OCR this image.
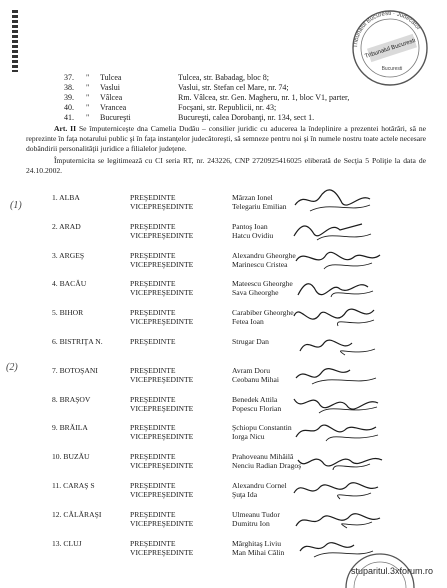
Tribunalul Bucuresti · Judecator
Tribunalul Bucuresti
Bucuresti
37. " Tulcea	Tulcea, str. Babadag, bloc 8;
38. " Vaslui	Vaslui, str. Stefan cel Mare, nr. 74;
39. " Vâlcea	Rm. Vâlcea, str. Gen. Magheru, nr. 1, bloc V1, parter,
40. " Vrancea	Focşani, str. Republicii, nr. 43;
41. " Bucureşti	Bucureşti, calea Dorobanţi, nr. 134, sect 1.
Art. II Se împuterniceşte dna Camelia Dudău – consilier juridic cu aducerea la îndeplinire a prezentei hotărâri, să ne reprezinte în faţa notarului public şi în faţa instanţelor judecătoreşti, să semneze pentru noi şi în numele nostru toate actele necesare dobândirii personalităţii juridice a filialelor judeţene.
Împuternicita se legitimează cu CI seria RT, nr. 243226, CNP 2720925416025 eliberată de Secţia 5 Poliţie la data de 24.10.2002.
(1)
(2)
1. ALBA	PREŞEDINTE	Mârzan Ionel
VICEPREŞEDINTE	Telegariu Emilian
2. ARAD	PREŞEDINTE	Pantoş Ioan
VICEPREŞEDINTE	Hatcu Ovidiu
3. ARGEŞ	PREŞEDINTE	Alexandru Gheorghe
VICEPREŞEDINTE	Marinescu Cristea
4. BACĂU	PREŞEDINTE	Mateescu Gheorghe
VICEPREŞEDINTE	Sava Gheorghe
5. BIHOR	PREŞEDINTE	Carabiber Gheorghe
VICEPREŞEDINTE	Fetea Ioan
6. BISTRIŢA N.	PREŞEDINTE	Strugar Dan
7. BOTOŞANI	PREŞEDINTE	Avram Doru
VICEPREŞEDINTE	Ceobanu Mihai
8. BRAŞOV	PREŞEDINTE	Benedek Attila
VICEPREŞEDINTE	Popescu Florian
9. BRĂILA	PREŞEDINTE	Şchiopu Constantin
VICEPREŞEDINTE	Iorga Nicu
10. BUZĂU	PREŞEDINTE	Prahoveanu Mihăilă
VICEPREŞEDINTE	Nenciu Radian Dragoş
11. CARAŞ S	PREŞEDINTE	Alexandru Cornel
VICEPREŞEDINTE	Şuţa Ida
12. CĂLĂRAŞI	PREŞEDINTE	Ulmeanu Tudor
VICEPREŞEDINTE	Dumitru Ion
13. CLUJ	PREŞEDINTE	Mărghitaş Liviu
VICEPREŞEDINTE	Man Mihai Călin
stuparitul.3xforum.ro
